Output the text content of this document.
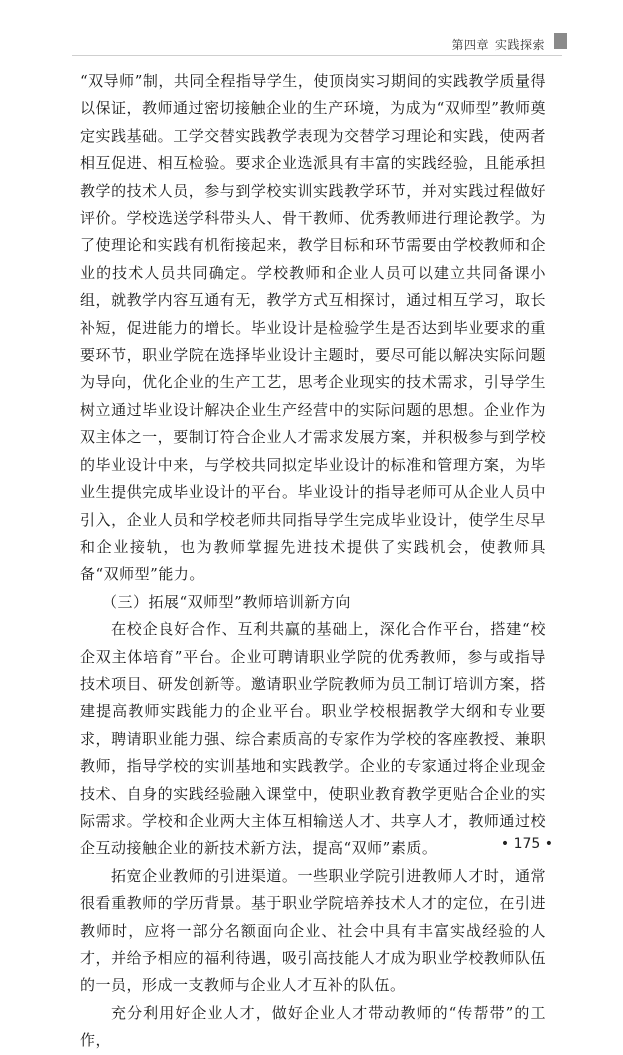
第四章 实践探索

“双导师”制，共同全程指导学生，使顶岗实习期间的实践教学质量得以保证，教师通过密切接触企业的生产环境，为成为“双师型”教师奠定实践基础。工学交替实践教学表现为交替学习理论和实践，使两者相互促进、相互检验。要求企业选派具有丰富的实践经验，且能承担教学的技术人员，参与到学校实训实践教学环节，并对实践过程做好评价。学校选送学科带头人、骨干教师、优秀教师进行理论教学。为了使理论和实践有机衔接起来，教学目标和环节需要由学校教师和企业的技术人员共同确定。学校教师和企业人员可以建立共同备课小组，就教学内容互通有无，教学方式互相探讨，通过相互学习，取长补短，促进能力的增长。毕业设计是检验学生是否达到毕业要求的重要环节，职业学院在选择毕业设计主题时，要尽可能以解决实际问题为导向，优化企业的生产工艺，思考企业现实的技术需求，引导学生树立通过毕业设计解决企业生产经营中的实际问题的思想。企业作为双主体之一，要制订符合企业人才需求发展方案，并积极参与到学校的毕业设计中来，与学校共同拟定毕业设计的标准和管理方案，为毕业生提供完成毕业设计的平台。毕业设计的指导老师可从企业人员中引入，企业人员和学校老师共同指导学生完成毕业设计，使学生尽早和企业接轨，也为教师掌握先进技术提供了实践机会，使教师具备“双师型”能力。

（三）拓展“双师型”教师培训新方向

在校企良好合作、互利共赢的基础上，深化合作平台，搭建“校企双主体培育”平台。企业可聘请职业学院的优秀教师，参与或指导技术项目、研发创新等。邀请职业学院教师为员工制订培训方案，搭建提高教师实践能力的企业平台。职业学校根据教学大纲和专业要求，聘请职业能力强、综合素质高的专家作为学校的客座教授、兼职教师，指导学校的实训基地和实践教学。企业的专家通过将企业现金技术、自身的实践经验融入课堂中，使职业教育教学更贴合企业的实际需求。学校和企业两大主体互相输送人才、共享人才，教师通过校企互动接触企业的新技术新方法，提高“双师”素质。

拓宽企业教师的引进渠道。一些职业学院引进教师人才时，通常很看重教师的学历背景。基于职业学院培养技术人才的定位，在引进教师时，应将一部分名额面向企业、社会中具有丰富实战经验的人才，并给予相应的福利待遇，吸引高技能人才成为职业学校教师队伍的一员，形成一支教师与企业人才互补的队伍。

充分利用好企业人才，做好企业人才带动教师的“传帮带”的工作，

• 175 •
